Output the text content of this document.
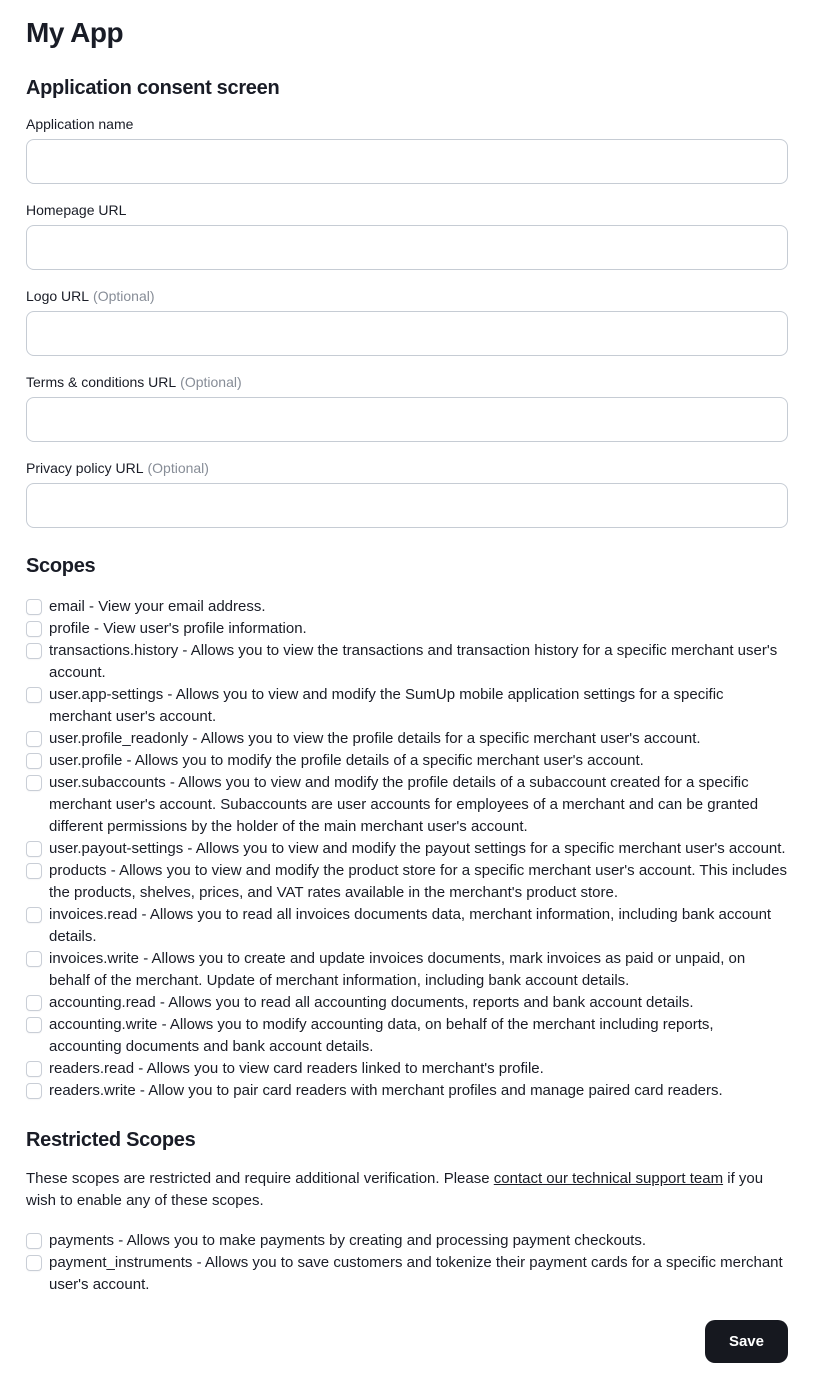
My App
Application consent screen
Application name
Homepage URL
Logo URL (Optional)
Terms & conditions URL (Optional)
Privacy policy URL (Optional)
Scopes
email - View your email address.
profile - View user's profile information.
transactions.history - Allows you to view the transactions and transaction history for a specific merchant user's account.
user.app-settings - Allows you to view and modify the SumUp mobile application settings for a specific merchant user's account.
user.profile_readonly - Allows you to view the profile details for a specific merchant user's account.
user.profile - Allows you to modify the profile details of a specific merchant user's account.
user.subaccounts - Allows you to view and modify the profile details of a subaccount created for a specific merchant user's account. Subaccounts are user accounts for employees of a merchant and can be granted different permissions by the holder of the main merchant user's account.
user.payout-settings - Allows you to view and modify the payout settings for a specific merchant user's account.
products - Allows you to view and modify the product store for a specific merchant user's account. This includes the products, shelves, prices, and VAT rates available in the merchant's product store.
invoices.read - Allows you to read all invoices documents data, merchant information, including bank account details.
invoices.write - Allows you to create and update invoices documents, mark invoices as paid or unpaid, on behalf of the merchant. Update of merchant information, including bank account details.
accounting.read - Allows you to read all accounting documents, reports and bank account details.
accounting.write - Allows you to modify accounting data, on behalf of the merchant including reports, accounting documents and bank account details.
readers.read - Allows you to view card readers linked to merchant's profile.
readers.write - Allow you to pair card readers with merchant profiles and manage paired card readers.
Restricted Scopes

These scopes are restricted and require additional verification. Please contact our technical support team if you wish to enable any of these scopes.

payments - Allows you to make payments by creating and processing payment checkouts.
payment_instruments - Allows you to save customers and tokenize their payment cards for a specific merchant user's account.
Save
